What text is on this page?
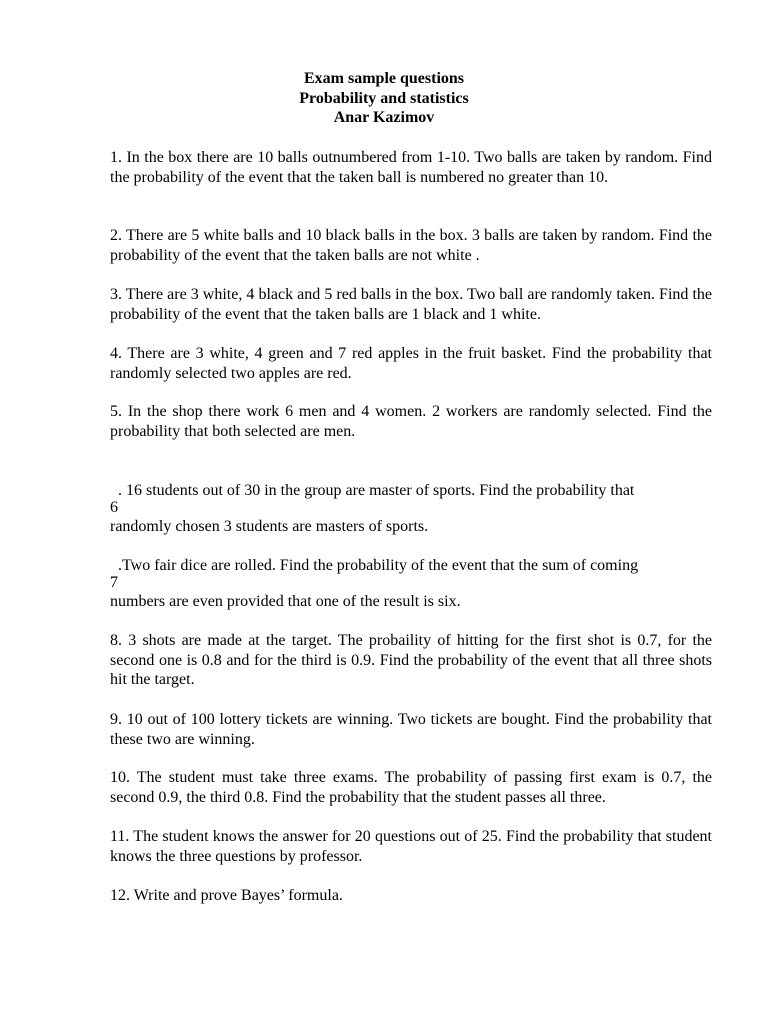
Exam sample questions
Probability and statistics
Anar Kazimov

1. In the box there are 10 balls outnumbered from 1-10. Two balls are taken by random. Find the probability of the event that the taken ball is numbered no greater than 10.

2. There are 5 white balls and 10 black balls in the box. 3 balls are taken by random. Find the probability of the event that the taken balls are not white .

3. There are 3 white, 4 black and 5 red balls in the box. Two ball are randomly taken. Find the probability of the event that the taken balls are 1 black and 1 white.

4. There are 3 white, 4 green and 7 red apples in the fruit basket. Find the probability that randomly selected two apples are red.

5. In the shop there work 6 men and 4 women. 2 workers are randomly selected. Find the probability that both selected are men.

. 16 students out of 30 in the group are master of sports. Find the probability that

6

randomly chosen 3 students are masters of sports.

.Two fair dice are rolled. Find the probability of the event that the sum of coming

7

numbers are even provided that one of the result is six.

8. 3 shots are made at the target. The probaility of hitting for the first shot is 0.7, for the second one is 0.8 and for the third is 0.9. Find the probability of the event that all three shots hit the target.

9. 10 out of 100 lottery tickets are winning. Two tickets are bought. Find the probability that these two are winning.

10. The student must take three exams. The probability of passing first exam is 0.7, the second 0.9, the third 0.8. Find the probability that the student passes all three.

11. The student knows the answer for 20 questions out of 25. Find the probability that student knows the three questions by professor.

12. Write and prove Bayes’ formula.
